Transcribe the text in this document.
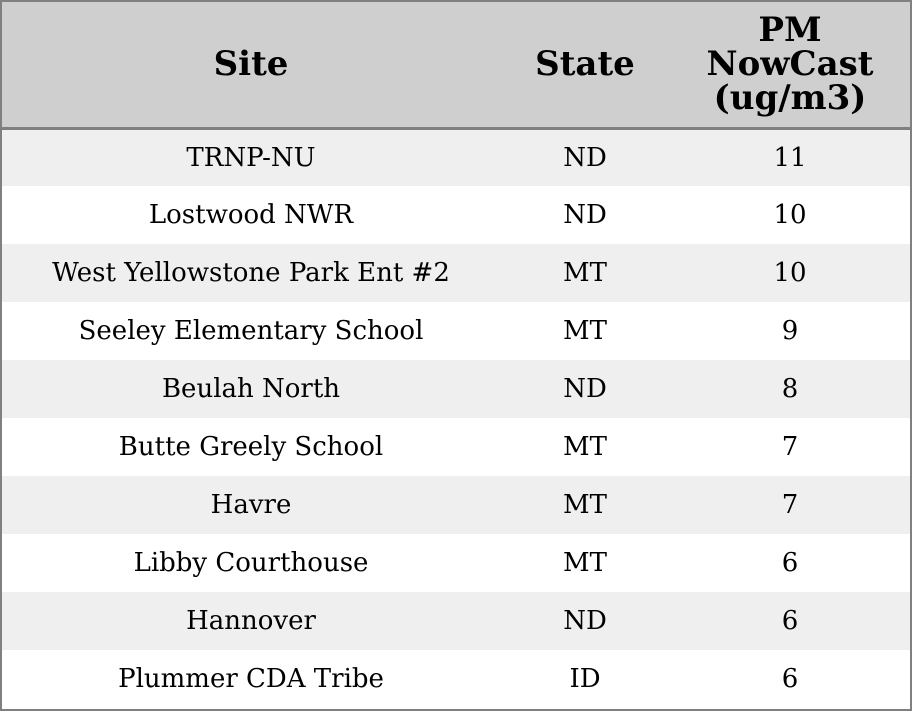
Site	State	PM
NowCast
(ug/m3)
TRNP-NU	ND	11
Lostwood NWR	ND	10
West Yellowstone Park Ent #2	MT	10
Seeley Elementary School	MT	9
Beulah North	ND	8
Butte Greely School	MT	7
Havre	MT	7
Libby Courthouse	MT	6
Hannover	ND	6
Plummer CDA Tribe	ID	6
